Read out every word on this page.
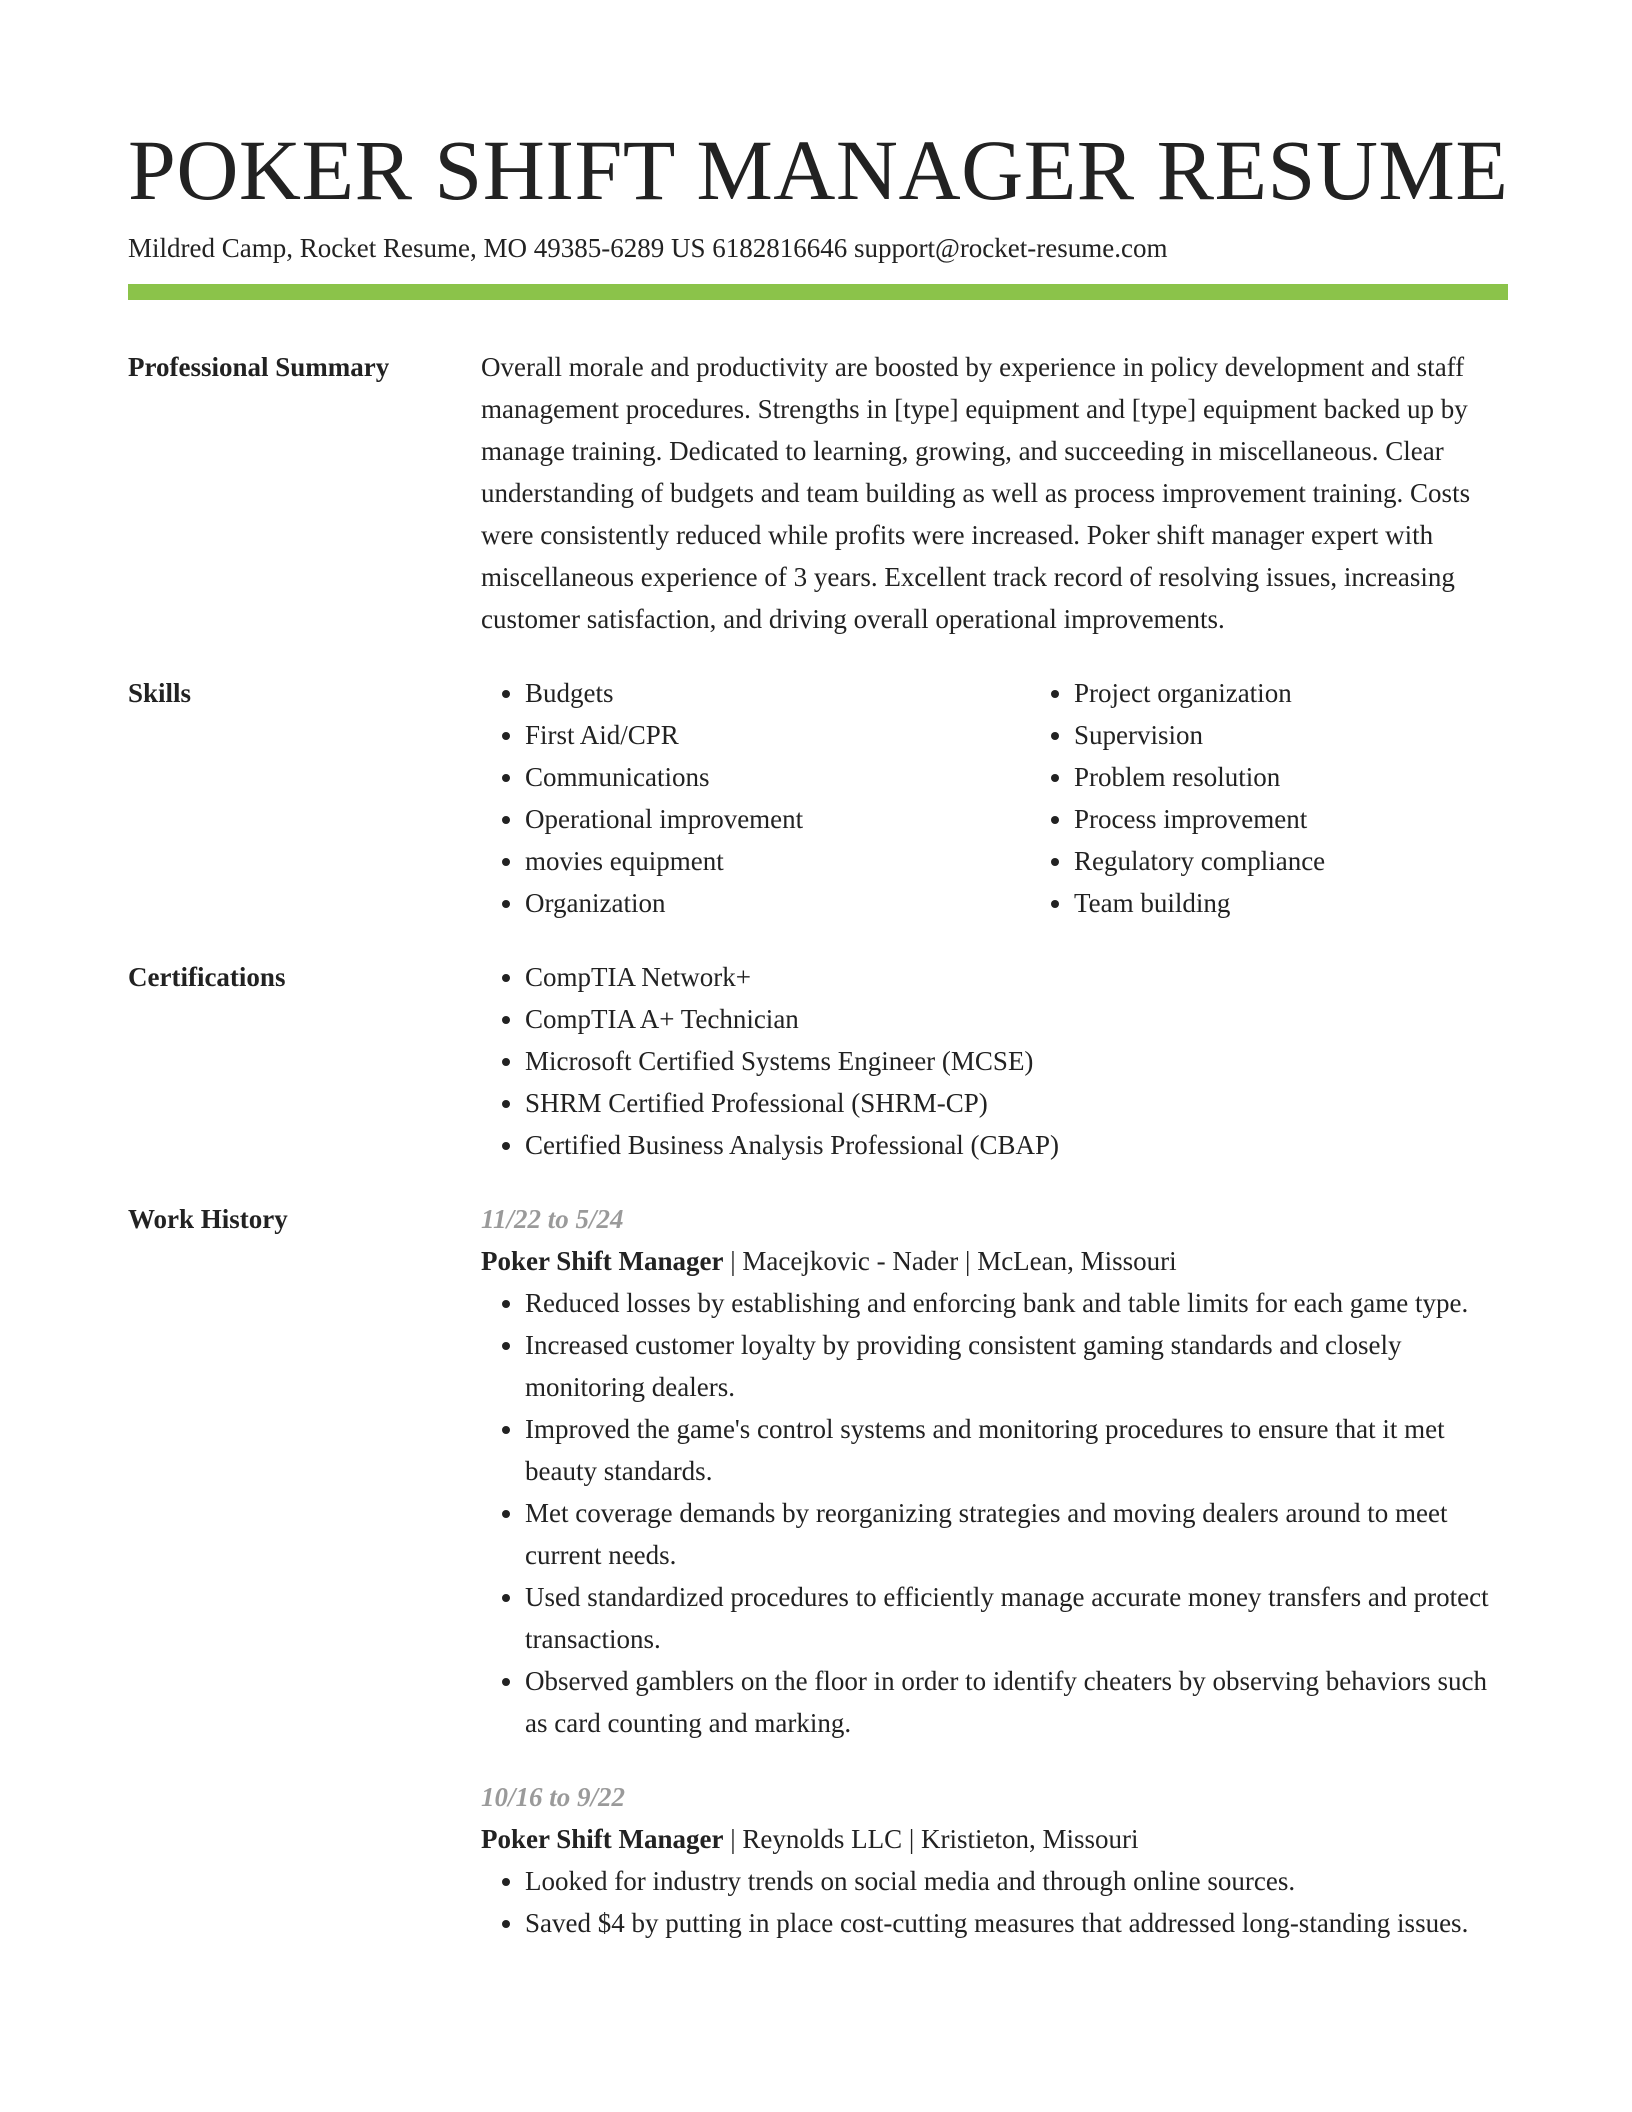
POKER SHIFT MANAGER RESUME
Mildred Camp, Rocket Resume, MO 49385-6289 US 6182816646 support@rocket-resume.com
Professional Summary	Overall morale and productivity are boosted by experience in policy development and staff management procedures. Strengths in [type] equipment and [type] equipment backed up by manage training. Dedicated to learning, growing, and succeeding in miscellaneous. Clear understanding of budgets and team building as well as process improvement training. Costs were consistently reduced while profits were increased. Poker shift manager expert with miscellaneous experience of 3 years. Excellent track record of resolving issues, increasing customer satisfaction, and driving overall operational improvements.
Skills	• Budgets
• First Aid/CPR
• Communications
• Operational improvement
• movies equipment
• Organization
• Project organization
• Supervision
• Problem resolution
• Process improvement
• Regulatory compliance
• Team building
Certifications	• CompTIA Network+
• CompTIA A+ Technician
• Microsoft Certified Systems Engineer (MCSE)
• SHRM Certified Professional (SHRM-CP)
• Certified Business Analysis Professional (CBAP)
Work History	11/22 to 5/24
Poker Shift Manager | Macejkovic - Nader | McLean, Missouri
• Reduced losses by establishing and enforcing bank and table limits for each game type.
• Increased customer loyalty by providing consistent gaming standards and closely monitoring dealers.
• Improved the game's control systems and monitoring procedures to ensure that it met beauty standards.
• Met coverage demands by reorganizing strategies and moving dealers around to meet current needs.
• Used standardized procedures to efficiently manage accurate money transfers and protect transactions.
• Observed gamblers on the floor in order to identify cheaters by observing behaviors such as card counting and marking.
10/16 to 9/22
Poker Shift Manager | Reynolds LLC | Kristieton, Missouri
• Looked for industry trends on social media and through online sources.
• Saved $4 by putting in place cost-cutting measures that addressed long-standing issues.
